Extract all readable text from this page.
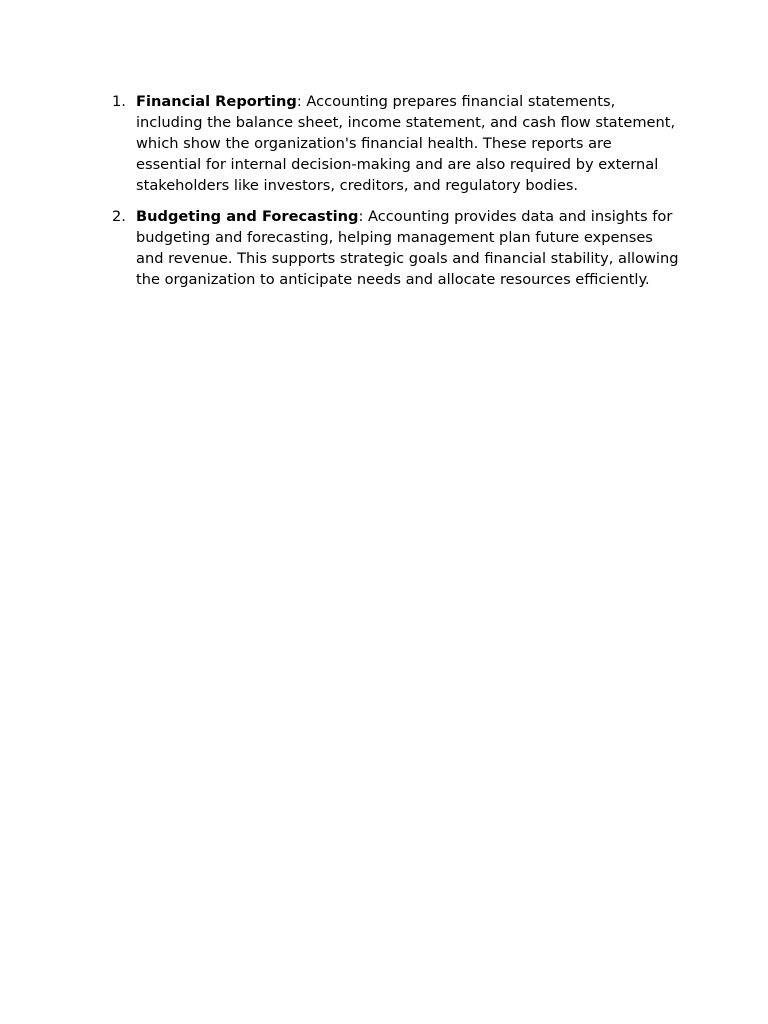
1. Financial Reporting: Accounting prepares financial statements, including the balance sheet, income statement, and cash flow statement, which show the organization's financial health. These reports are essential for internal decision-making and are also required by external stakeholders like investors, creditors, and regulatory bodies.
2. Budgeting and Forecasting: Accounting provides data and insights for budgeting and forecasting, helping management plan future expenses and revenue. This supports strategic goals and financial stability, allowing the organization to anticipate needs and allocate resources efficiently.
